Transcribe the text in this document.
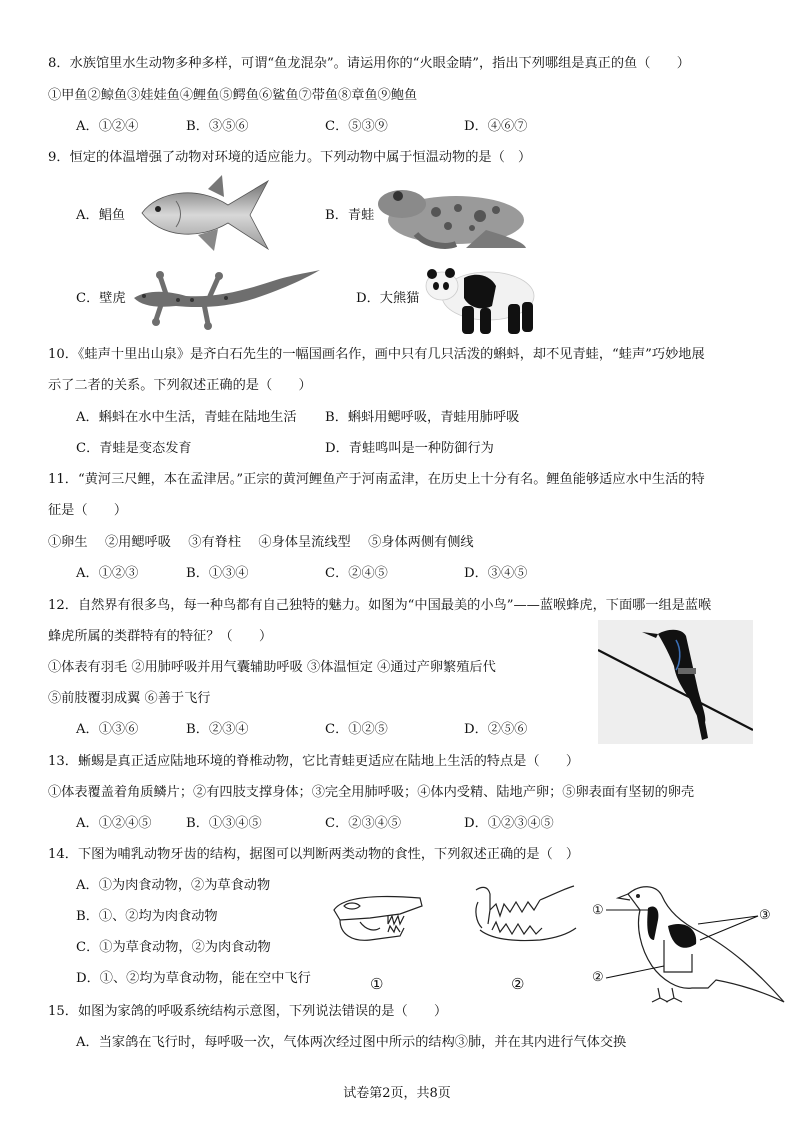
8．水族馆里水生动物多种多样，可谓“鱼龙混杂”。请运用你的“火眼金睛”，指出下列哪组是真正的鱼（　　）
①甲鱼②鲸鱼③娃娃鱼④鲤鱼⑤鳄鱼⑥鲨鱼⑦带鱼⑧章鱼⑨鲍鱼
A．①②④	B．③⑤⑥	C．⑤③⑨	D．④⑥⑦
9．恒定的体温增强了动物对环境的适应能力。下列动物中属于恒温动物的是（　）
A．鲳鱼	B．青蛙
C．壁虎	D．大熊猫
10．《蛙声十里出山泉》是齐白石先生的一幅国画名作，画中只有几只活泼的蝌蚪，却不见青蛙，“蛙声”巧妙地展
示了二者的关系。下列叙述正确的是（　　）
A．蝌蚪在水中生活，青蛙在陆地生活 B．蝌蚪用鳃呼吸，青蛙用肺呼吸
C．青蛙是变态发育	D．青蛙鸣叫是一种防御行为
11．“黄河三尺鲤，本在孟津居。”正宗的黄河鲤鱼产于河南孟津，在历史上十分有名。鲤鱼能够适应水中生活的特
征是（　　）
①卵生　 ②用鳃呼吸　 ③有脊柱　 ④身体呈流线型　 ⑤身体两侧有侧线
A．①②③	B．①③④	C．②④⑤	D．③④⑤
12．自然界有很多鸟，每一种鸟都有自己独特的魅力。如图为“中国最美的小鸟”——蓝喉蜂虎，下面哪一组是蓝喉
蜂虎所属的类群特有的特征？（　　）
①体表有羽毛 ②用肺呼吸并用气囊辅助呼吸 ③体温恒定 ④通过产卵繁殖后代
⑤前肢覆羽成翼 ⑥善于飞行
A．①③⑥	B．②③④	C．①②⑤	D．②⑤⑥
13．蜥蜴是真正适应陆地环境的脊椎动物，它比青蛙更适应在陆地上生活的特点是（　　）
①体表覆盖着角质鳞片；②有四肢支撑身体；③完全用肺呼吸；④体内受精、陆地产卵；⑤卵表面有坚韧的卵壳
A．①②④⑤	B．①③④⑤	C．②③④⑤	D．①②③④⑤
14．下图为哺乳动物牙齿的结构，据图可以判断两类动物的食性，下列叙述正确的是（　）
A．①为肉食动物，②为草食动物
B．①、②均为肉食动物
C．①为草食动物，②为肉食动物
D．①、②均为草食动物，能在空中飞行	①	②
①
②
③
15．如图为家鸽的呼吸系统结构示意图，下列说法错误的是（　　）
A．当家鸽在飞行时，每呼吸一次，气体两次经过图中所示的结构③肺，并在其内进行气体交换
试卷第2页，共8页
